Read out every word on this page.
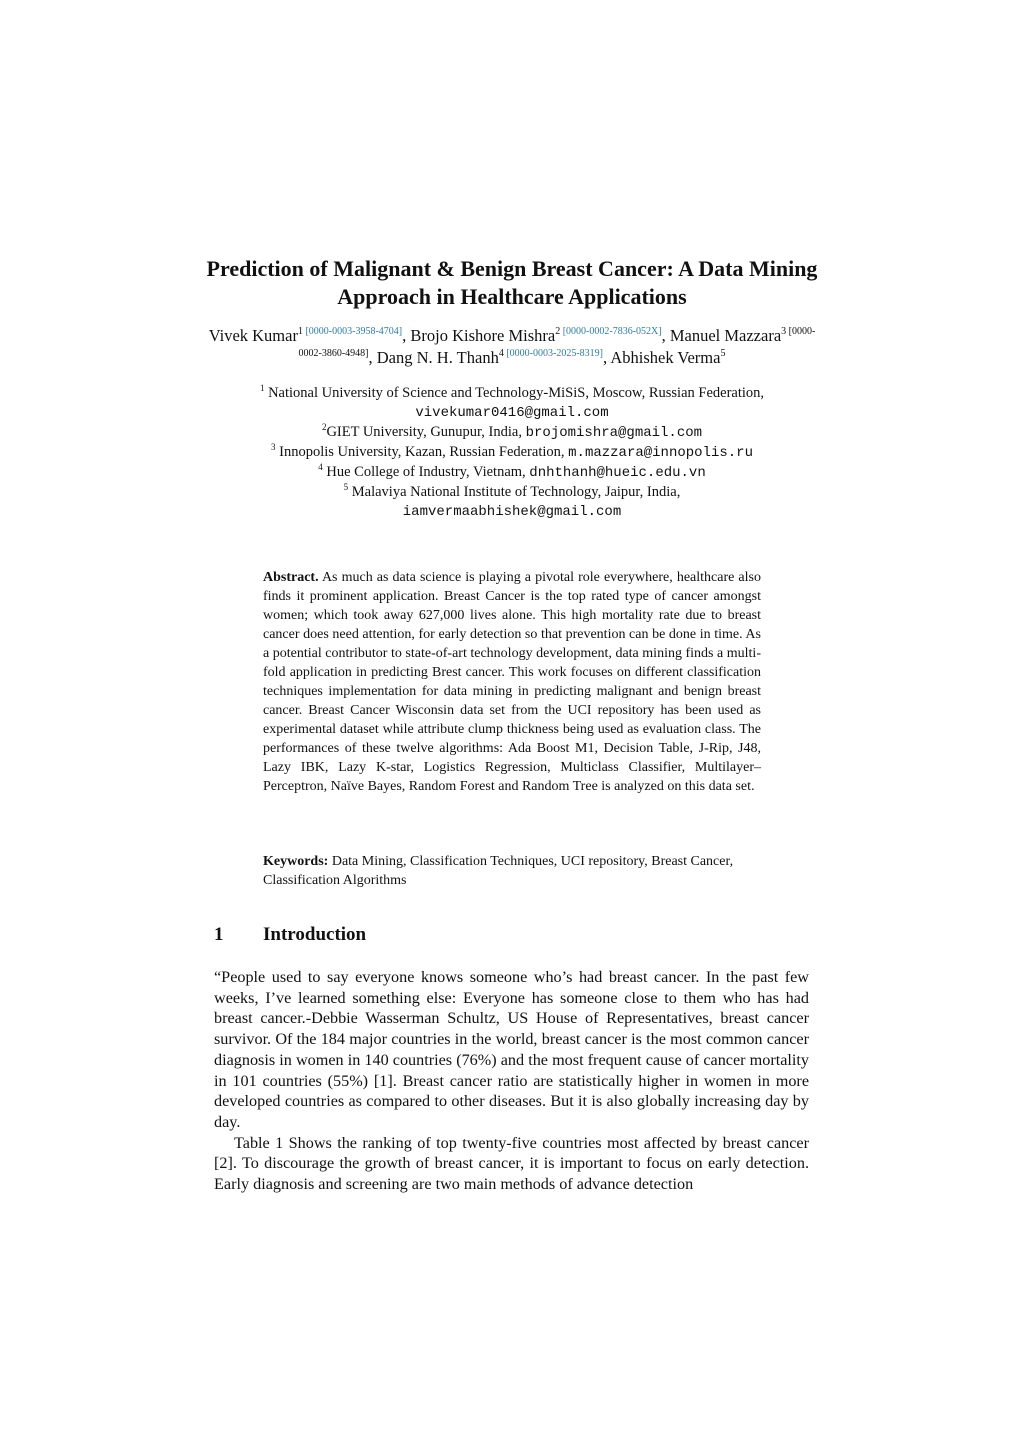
Prediction of Malignant & Benign Breast Cancer: A Data Mining Approach in Healthcare Applications
Vivek Kumar$^1$ [0000-0003-3958-4704], Brojo Kishore Mishra$^2$ [0000-0002-7836-052X], Manuel Mazzara$^3$ [0000-0002-3860-4948], Dang N. H. Thanh$^4$ [0000-0003-2025-8319], Abhishek Verma$^5$
$^1$ National University of Science and Technology-MiSiS, Moscow, Russian Federation,
vivekumar0416@gmail.com
$^2$GIET University, Gunupur, India, brojomishra@gmail.com
$^3$ Innopolis University, Kazan, Russian Federation, m.mazzara@innopolis.ru
$^4$ Hue College of Industry, Vietnam, dnhthanh@hueic.edu.vn
$^5$ Malaviya National Institute of Technology, Jaipur, India,
iamvermaabhishek@gmail.com
Abstract. As much as data science is playing a pivotal role everywhere, healthcare also finds it prominent application. Breast Cancer is the top rated type of cancer amongst women; which took away 627,000 lives alone. This high mortality rate due to breast cancer does need attention, for early detection so that prevention can be done in time. As a potential contributor to state-of-art technology development, data mining finds a multi-fold application in predicting Brest cancer. This work focuses on different classification techniques implementation for data mining in predicting malignant and benign breast cancer. Breast Cancer Wisconsin data set from the UCI repository has been used as experimental dataset while attribute clump thickness being used as evaluation class. The performances of these twelve algorithms: Ada Boost M1, Decision Table, J-Rip, J48, Lazy IBK, Lazy K-star, Logistics Regression, Multiclass Classifier, Multilayer–Perceptron, Naïve Bayes, Random Forest and Random Tree is analyzed on this data set.
Keywords: Data Mining, Classification Techniques, UCI repository, Breast Cancer, Classification Algorithms
1 Introduction

“People used to say everyone knows someone who’s had breast cancer. In the past few weeks, I’ve learned something else: Everyone has someone close to them who has had breast cancer.-Debbie Wasserman Schultz, US House of Representatives, breast cancer survivor. Of the 184 major countries in the world, breast cancer is the most common cancer diagnosis in women in 140 countries (76%) and the most frequent cause of cancer mortality in 101 countries (55%) [1]. Breast cancer ratio are statistically higher in women in more developed countries as compared to other diseases. But it is also globally increasing day by day.

Table 1 Shows the ranking of top twenty-five countries most affected by breast cancer [2]. To discourage the growth of breast cancer, it is important to focus on early detection. Early diagnosis and screening are two main methods of advance detection
